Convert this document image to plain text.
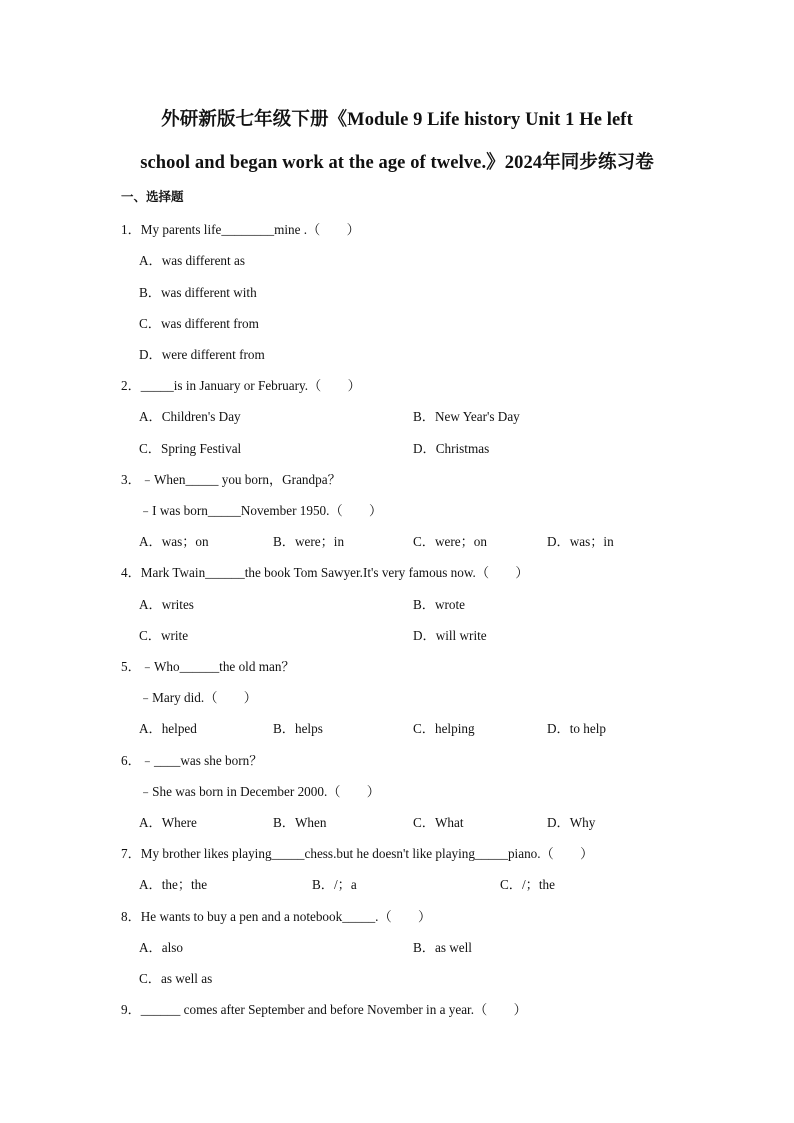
外研新版七年级下册《Module 9 Life history Unit 1 He left
school and began work at the age of twelve.》2024年同步练习卷
一、选择题
1．My parents life________mine .（　　）
A．was different as
B．was different with
C．was different from
D．were different from
2．_____is in January or February.（　　）
A．Children's Day	B．New Year's Day
C．Spring Festival	D．Christmas
3．﹣When_____ you born，Grandpa？
﹣I was born_____November 1950.（　　）
A．was；on	B．were；in	C．were；on	D．was；in
4．Mark Twain______the book Tom Sawyer.It's very famous now.（　　）
A．writes	B．wrote
C．write	D．will write
5．﹣Who______the old man？
﹣Mary did.（　　）
A．helped	B．helps	C．helping	D．to help
6．﹣____was she born？
﹣She was born in December 2000.（　　）
A．Where	B．When	C．What	D．Why
7．My brother likes playing_____chess.but he doesn't like playing_____piano.（　　）
A．the；the	B．/；a	C．/；the
8．He wants to buy a pen and a notebook_____.（　　）
A．also	B．as well
C．as well as
9．______ comes after September and before November in a year.（　　）
